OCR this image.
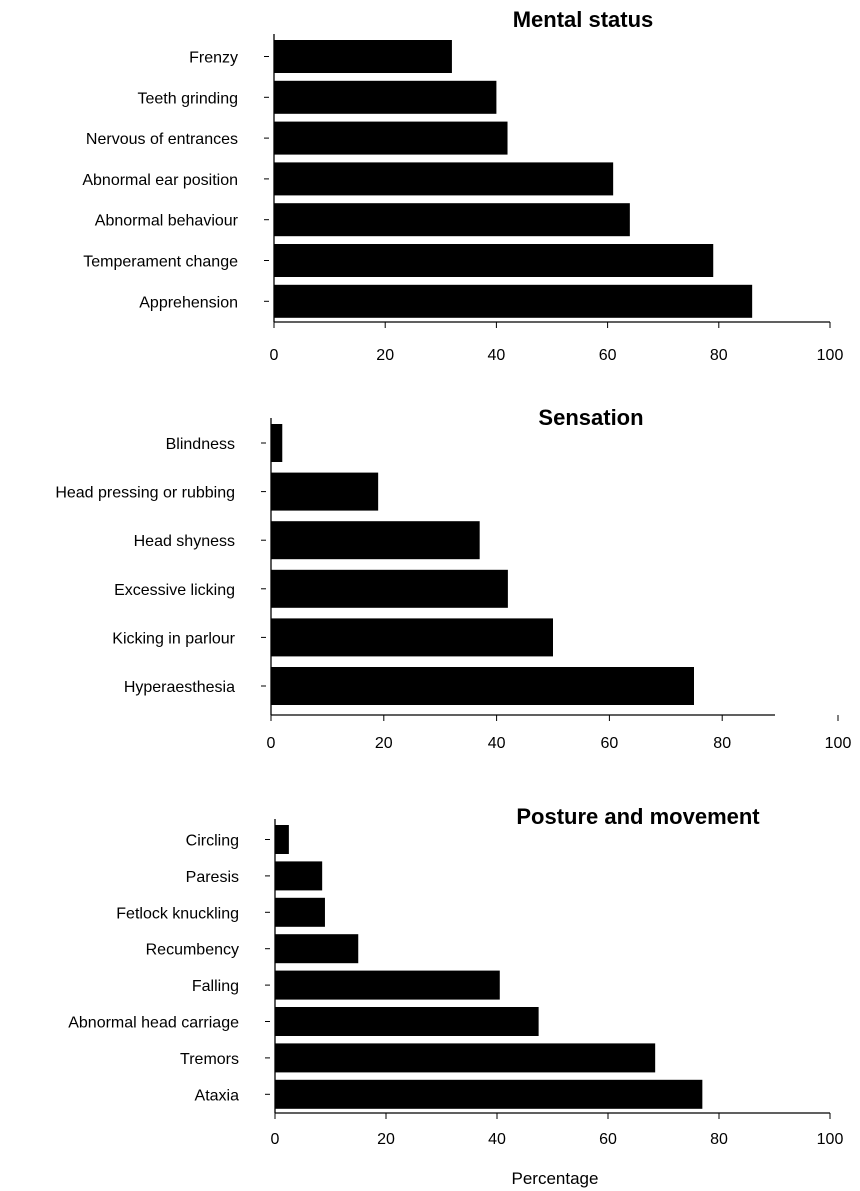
Mental status
Frenzy
Teeth grinding
Nervous of entrances
Abnormal ear position
Abnormal behaviour
Temperament change
Apprehension
0	20	40	60	80	100
Sensation
Blindness
Head pressing or rubbing
Head shyness
Excessive licking
Kicking in parlour
Hyperaesthesia
0	20	40	60	80	100
Posture and movement
Circling
Paresis
Fetlock knuckling
Recumbency
Falling
Abnormal head carriage
Tremors
Ataxia
0	20	40	60	80	100
Percentage
